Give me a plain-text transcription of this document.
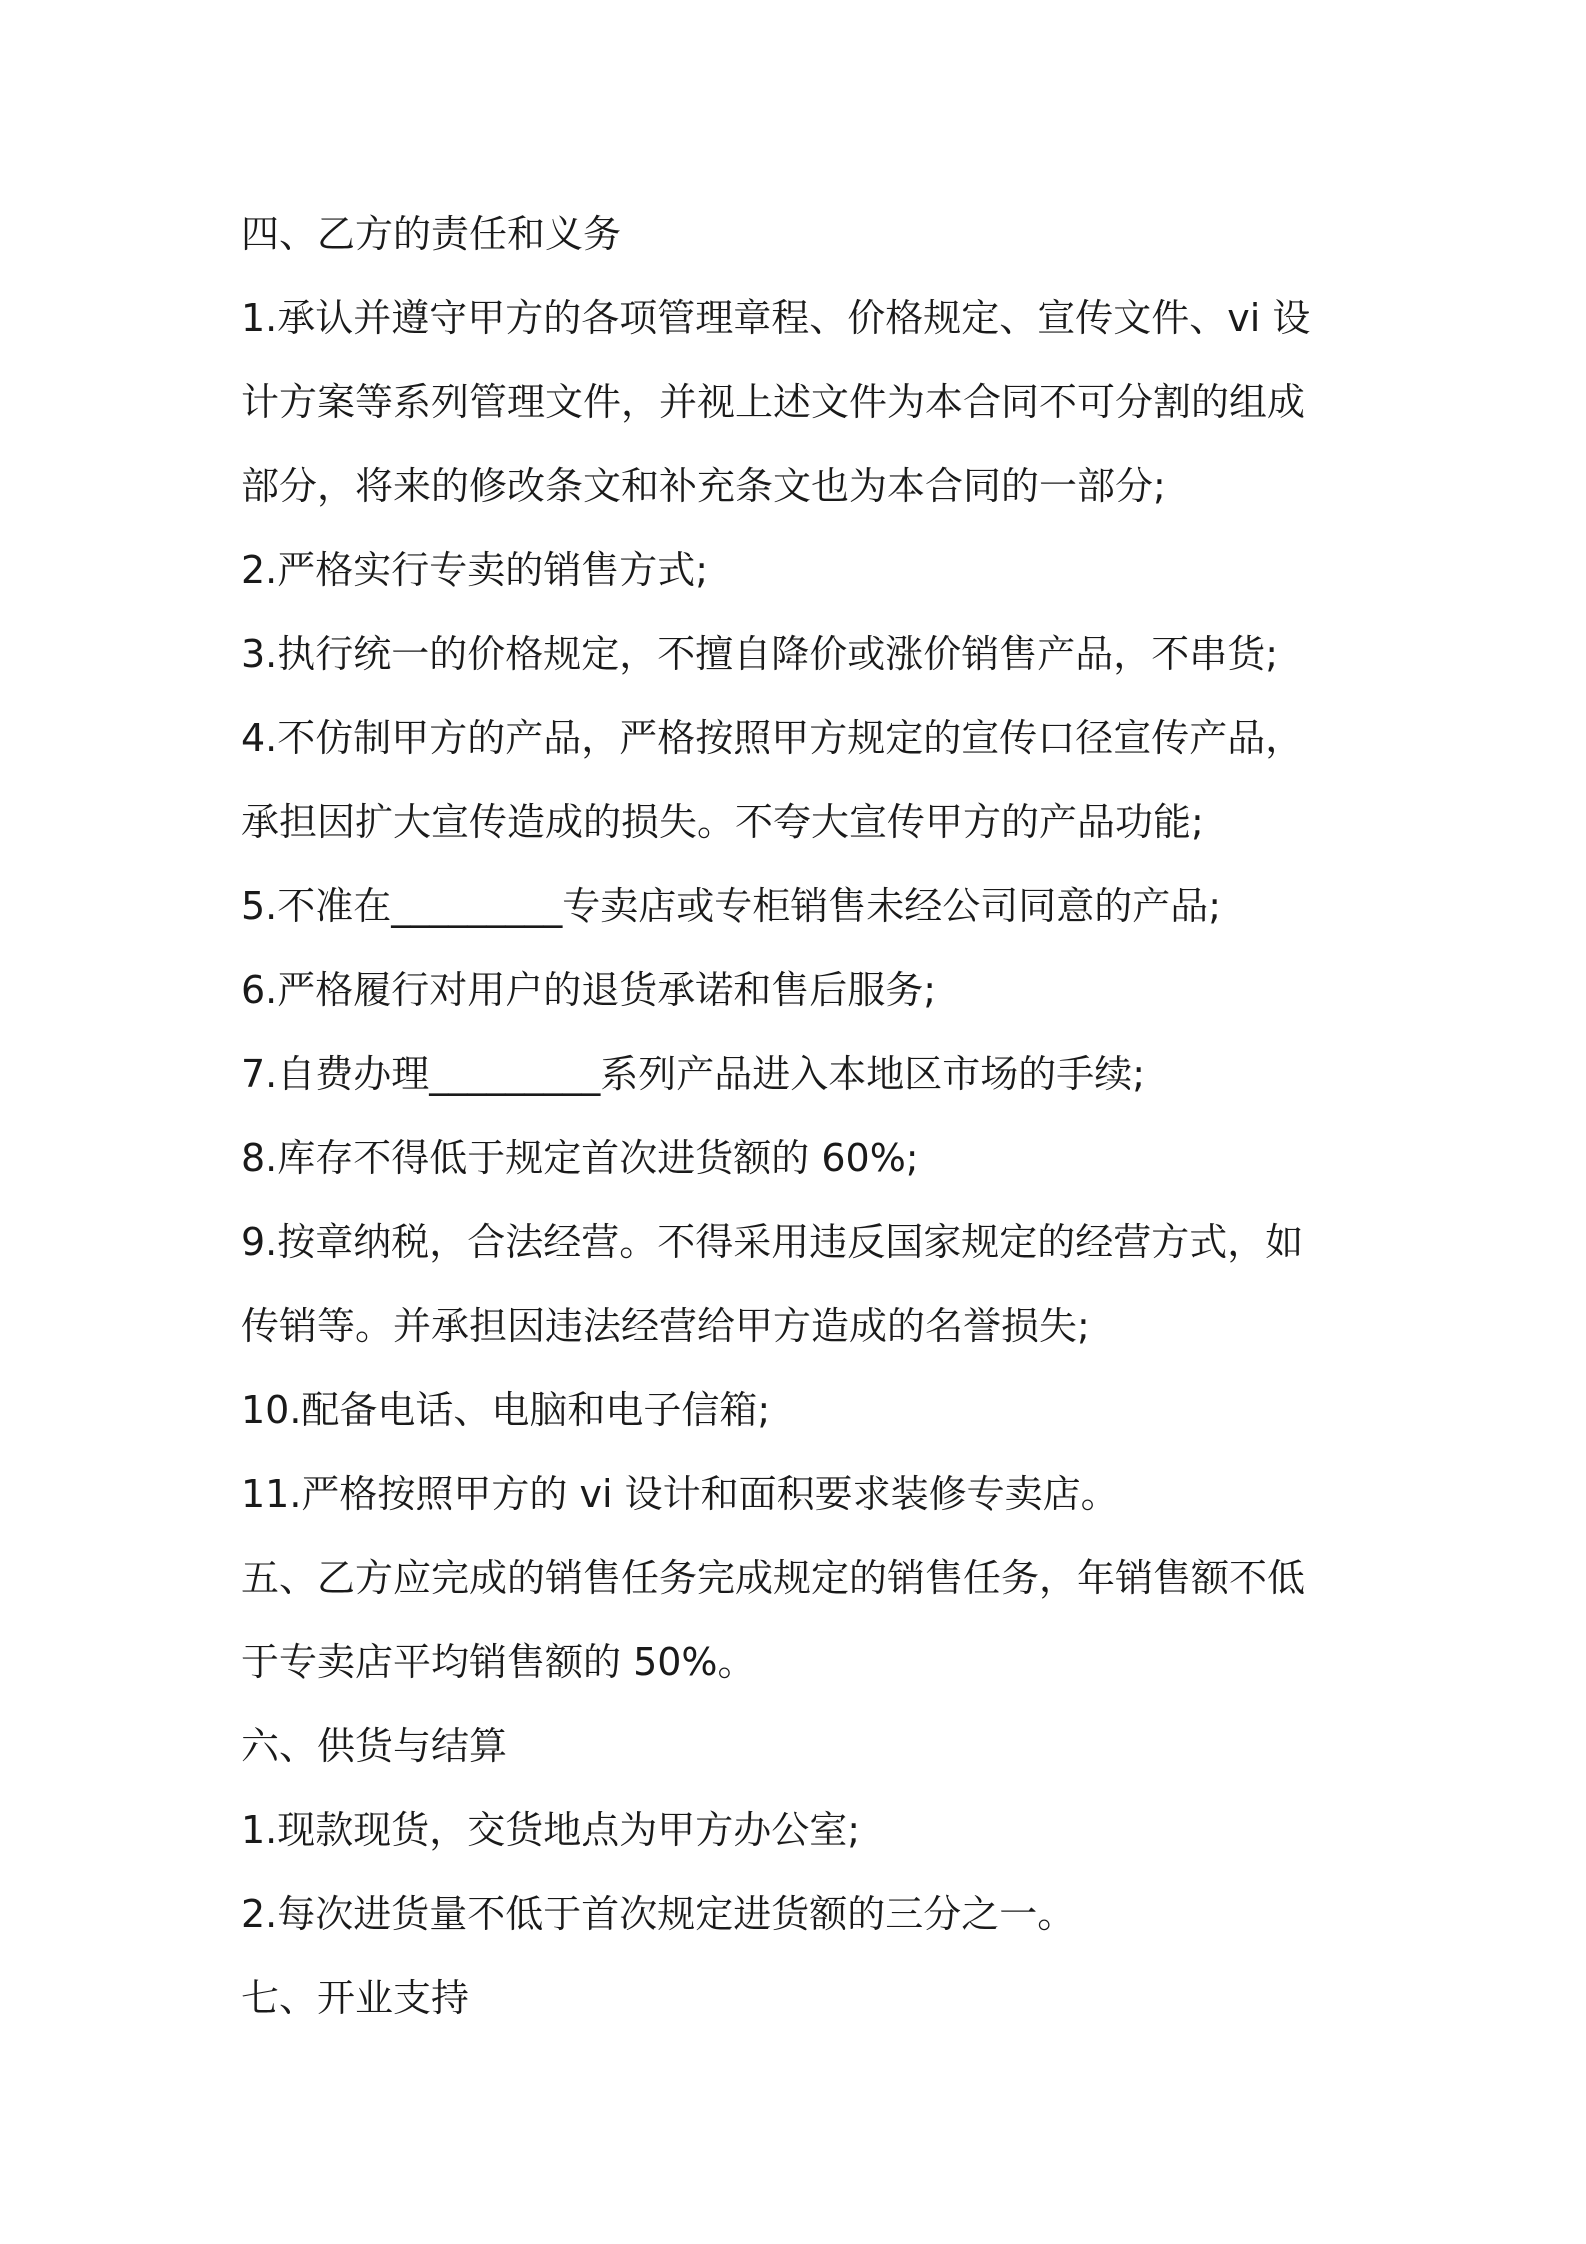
四、乙方的责任和义务
1.承认并遵守甲方的各项管理章程、价格规定、宣传文件、vi 设
计方案等系列管理文件，并视上述文件为本合同不可分割的组成
部分，将来的修改条文和补充条文也为本合同的一部分;
2.严格实行专卖的销售方式;
3.执行统一的价格规定，不擅自降价或涨价销售产品，不串货;
4.不仿制甲方的产品，严格按照甲方规定的宣传口径宣传产品，
承担因扩大宣传造成的损失。不夸大宣传甲方的产品功能;
5.不准在_________专卖店或专柜销售未经公司同意的产品;
6.严格履行对用户的退货承诺和售后服务;
7.自费办理_________系列产品进入本地区市场的手续;
8.库存不得低于规定首次进货额的 60%;
9.按章纳税，合法经营。不得采用违反国家规定的经营方式，如
传销等。并承担因违法经营给甲方造成的名誉损失;
10.配备电话、电脑和电子信箱;
11.严格按照甲方的 vi 设计和面积要求装修专卖店。
五、乙方应完成的销售任务完成规定的销售任务，年销售额不低
于专卖店平均销售额的 50%。
六、供货与结算
1.现款现货，交货地点为甲方办公室;
2.每次进货量不低于首次规定进货额的三分之一。
七、开业支持
